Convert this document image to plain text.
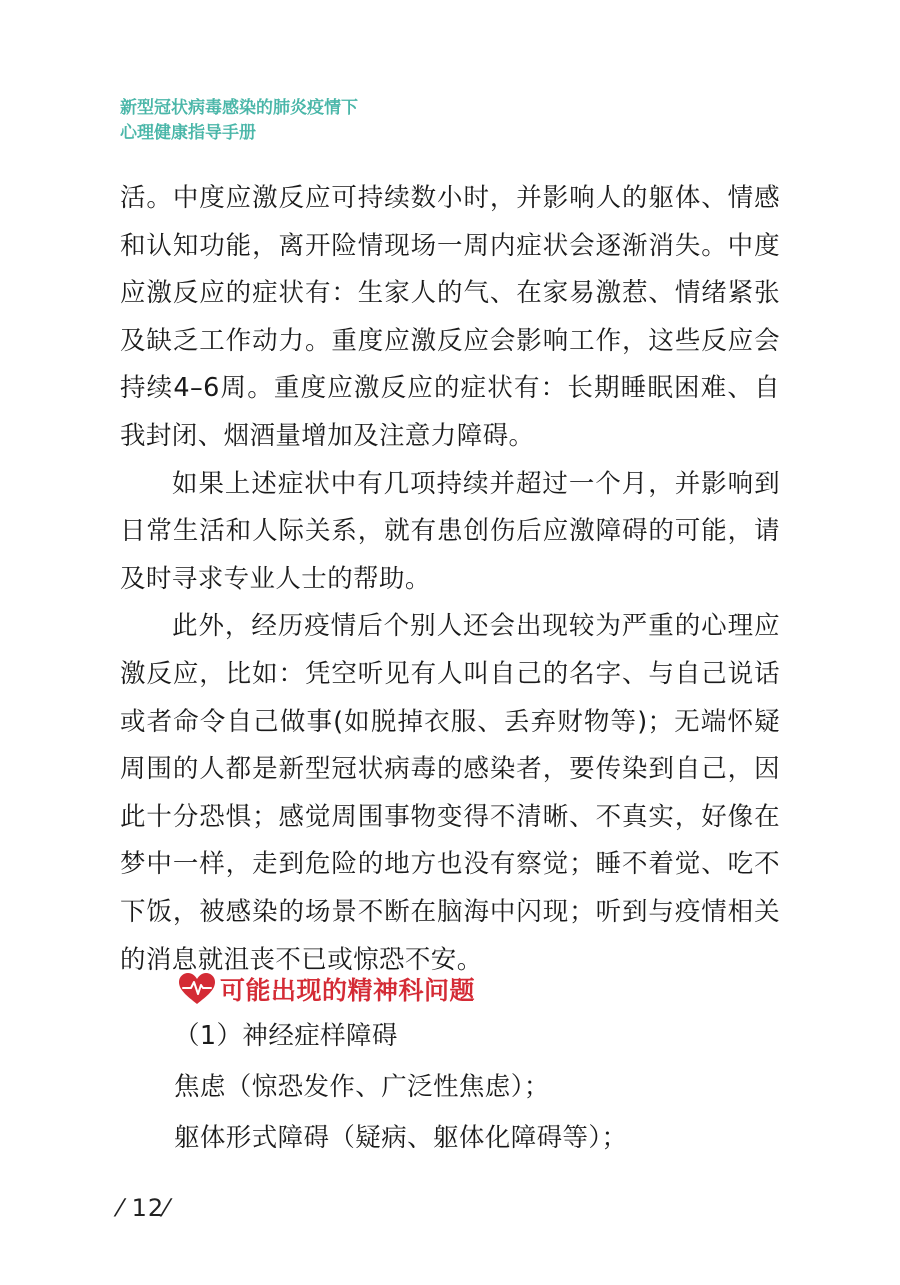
新型冠状病毒感染的肺炎疫情下
心理健康指导手册

活。中度应激反应可持续数小时，并影响人的躯体、情感和认知功能，离开险情现场一周内症状会逐渐消失。中度应激反应的症状有：生家人的气、在家易激惹、情绪紧张及缺乏工作动力。重度应激反应会影响工作，这些反应会持续4–6周。重度应激反应的症状有：长期睡眠困难、自我封闭、烟酒量增加及注意力障碍。

如果上述症状中有几项持续并超过一个月，并影响到日常生活和人际关系，就有患创伤后应激障碍的可能，请及时寻求专业人士的帮助。

此外，经历疫情后个别人还会出现较为严重的心理应激反应，比如：凭空听见有人叫自己的名字、与自己说话或者命令自己做事(如脱掉衣服、丢弃财物等)；无端怀疑周围的人都是新型冠状病毒的感染者，要传染到自己，因此十分恐惧；感觉周围事物变得不清晰、不真实，好像在梦中一样，走到危险的地方也没有察觉；睡不着觉、吃不下饭，被感染的场景不断在脑海中闪现；听到与疫情相关的消息就沮丧不已或惊恐不安。

可能出现的精神科问题
（1）神经症样障碍
焦虑（惊恐发作、广泛性焦虑）；
躯体形式障碍（疑病、躯体化障碍等）；
⁄ 12⁄
